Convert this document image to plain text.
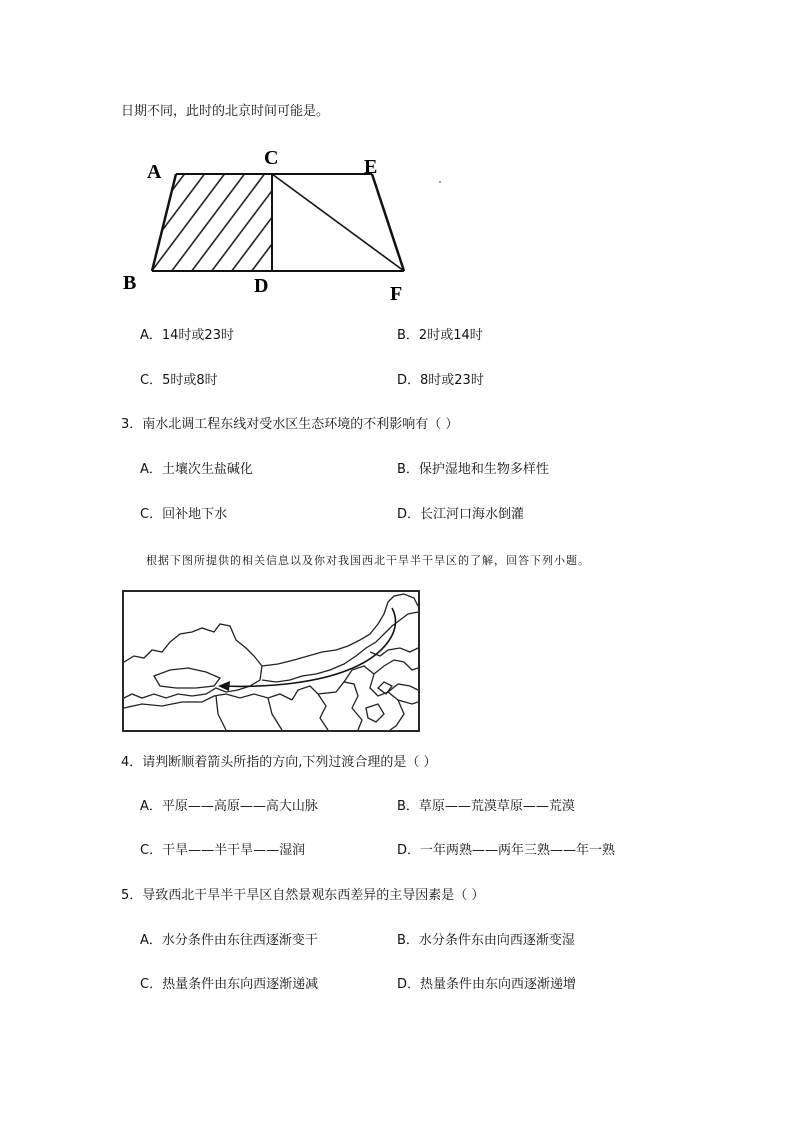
日期不同，此时的北京时间可能是。
A
C	E
B	D	F
A．14时或23时	B．2时或14时
C．5时或8时	D．8时或23时
3．南水北调工程东线对受水区生态环境的不利影响有（ ）
A．土壤次生盐碱化	B．保护湿地和生物多样性
C．回补地下水	D．长江河口海水倒灌
根据下图所提供的相关信息以及你对我国西北干旱半干旱区的了解，回答下列小题。
4．请判断顺着箭头所指的方向,下列过渡合理的是（ ）
A．平原——高原——高大山脉	B．草原——荒漠草原——荒漠
C．干旱——半干旱——湿润	D．一年两熟——两年三熟——年一熟
5．导致西北干旱半干旱区自然景观东西差异的主导因素是（ ）
A．水分条件由东往西逐渐变干	B．水分条件东由向西逐渐变湿
C．热量条件由东向西逐渐递减	D．热量条件由东向西逐渐递增
